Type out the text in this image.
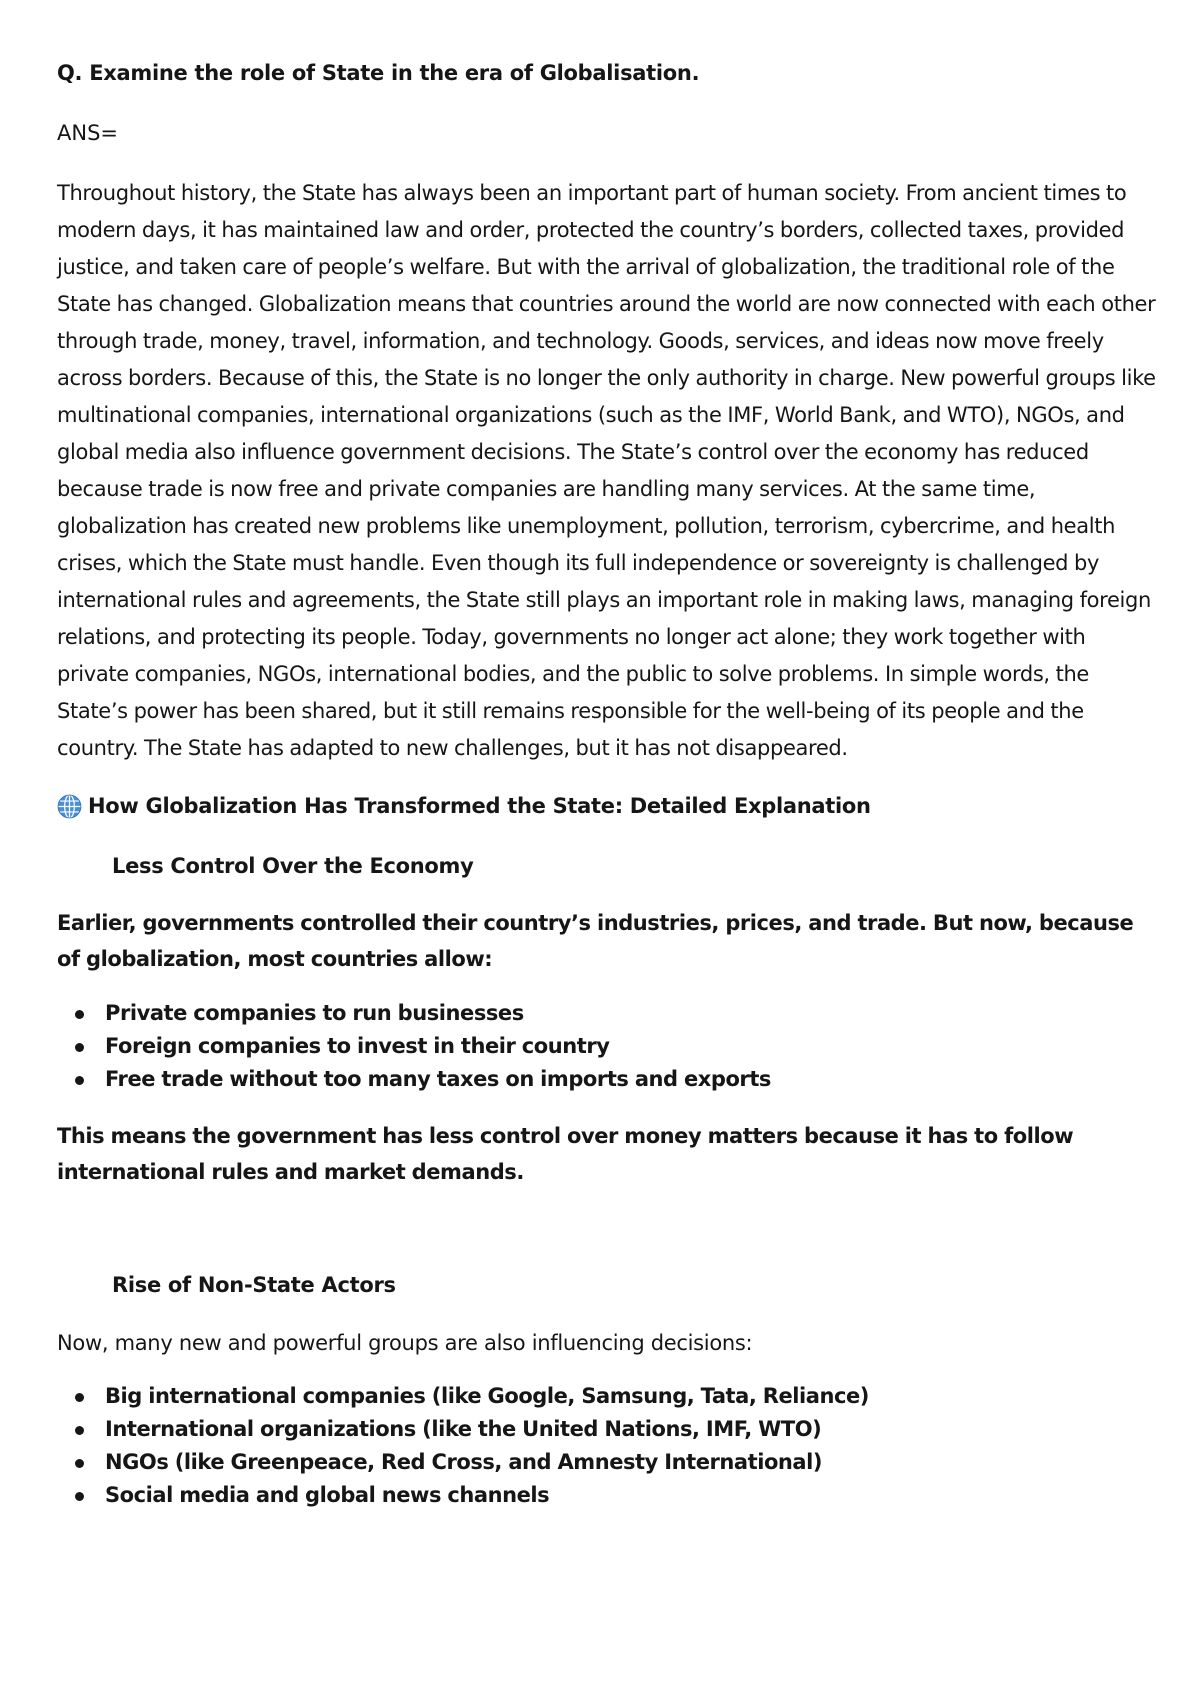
Q. Examine the role of State in the era of Globalisation.

ANS=

Throughout history, the State has always been an important part of human society. From ancient times to modern days, it has maintained law and order, protected the country’s borders, collected taxes, provided justice, and taken care of people’s welfare. But with the arrival of globalization, the traditional role of the State has changed. Globalization means that countries around the world are now connected with each other through trade, money, travel, information, and technology. Goods, services, and ideas now move freely across borders. Because of this, the State is no longer the only authority in charge. New powerful groups like multinational companies, international organizations (such as the IMF, World Bank, and WTO), NGOs, and global media also influence government decisions. The State’s control over the economy has reduced because trade is now free and private companies are handling many services. At the same time, globalization has created new problems like unemployment, pollution, terrorism, cybercrime, and health crises, which the State must handle. Even though its full independence or sovereignty is challenged by international rules and agreements, the State still plays an important role in making laws, managing foreign relations, and protecting its people. Today, governments no longer act alone; they work together with private companies, NGOs, international bodies, and the public to solve problems. In simple words, the State’s power has been shared, but it still remains responsible for the well-being of its people and the country. The State has adapted to new challenges, but it has not disappeared.

How Globalization Has Transformed the State: Detailed Explanation
Less Control Over the Economy

Earlier, governments controlled their country’s industries, prices, and trade. But now, because of globalization, most countries allow:

Private companies to run businesses
Foreign companies to invest in their country
Free trade without too many taxes on imports and exports

This means the government has less control over money matters because it has to follow international rules and market demands.

Rise of Non-State Actors

Now, many new and powerful groups are also influencing decisions:

Big international companies (like Google, Samsung, Tata, Reliance)
International organizations (like the United Nations, IMF, WTO)
NGOs (like Greenpeace, Red Cross, and Amnesty International)
Social media and global news channels
